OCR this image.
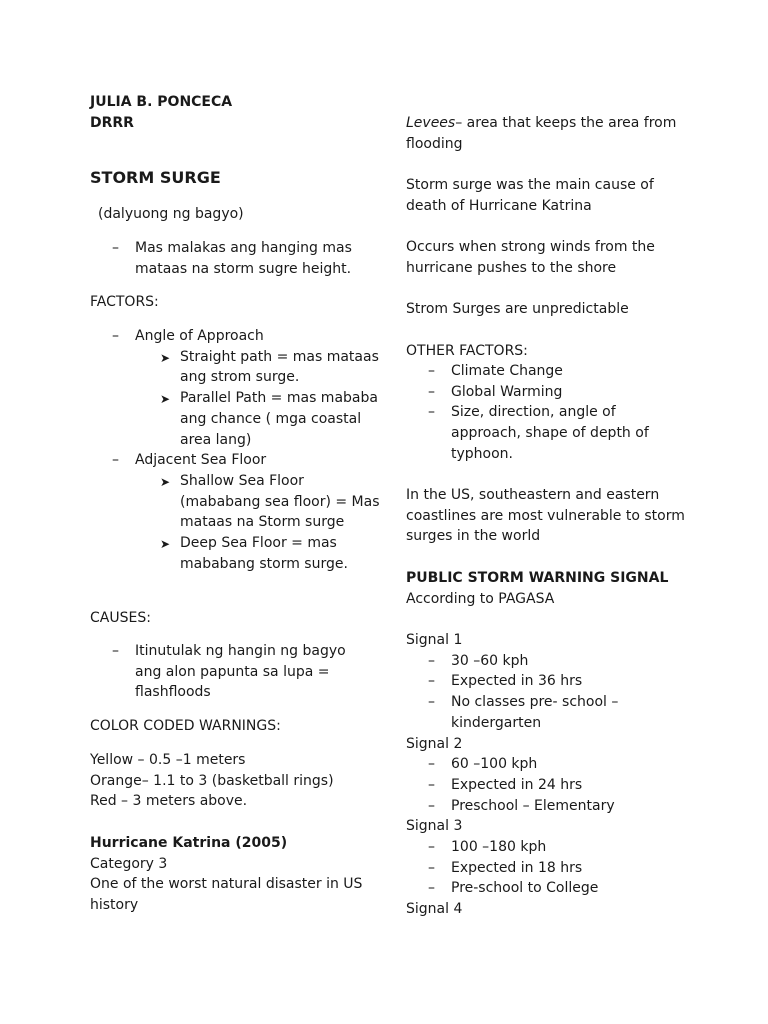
JULIA B. PONCECA

DRRR

STORM SURGE

(dalyuong ng bagyo)

– Mas malakas ang hanging mas mataas na storm sugre height.

FACTORS:

– Angle of Approach
➤ Straight path = mas mataas ang strom surge.
➤ Parallel Path = mas mababa ang chance ( mga coastal area lang)
– Adjacent Sea Floor
➤ Shallow Sea Floor (mababang sea floor) = Mas mataas na Storm surge
➤ Deep Sea Floor = mas mababang storm surge.

CAUSES:

– Itinutulak ng hangin ng bagyo ang alon papunta sa lupa = flashfloods

COLOR CODED WARNINGS:

Yellow – 0.5 –1 meters

Orange– 1.1 to 3 (basketball rings)

Red – 3 meters above.

Hurricane Katrina (2005)

Category 3

One of the worst natural disaster in US history

Levees– area that keeps the area from flooding

Storm surge was the main cause of death of Hurricane Katrina

Occurs when strong winds from the hurricane pushes to the shore

Strom Surges are unpredictable

OTHER FACTORS:

– Climate Change
– Global Warming
– Size, direction, angle of approach, shape of depth of typhoon.

In the US, southeastern and eastern coastlines are most vulnerable to storm surges in the world

PUBLIC STORM WARNING SIGNAL

According to PAGASA

Signal 1

– 30 –60 kph
– Expected in 36 hrs
– No classes pre- school – kindergarten

Signal 2

– 60 –100 kph
– Expected in 24 hrs
– Preschool – Elementary

Signal 3

– 100 –180 kph
– Expected in 18 hrs
– Pre-school to College

Signal 4
